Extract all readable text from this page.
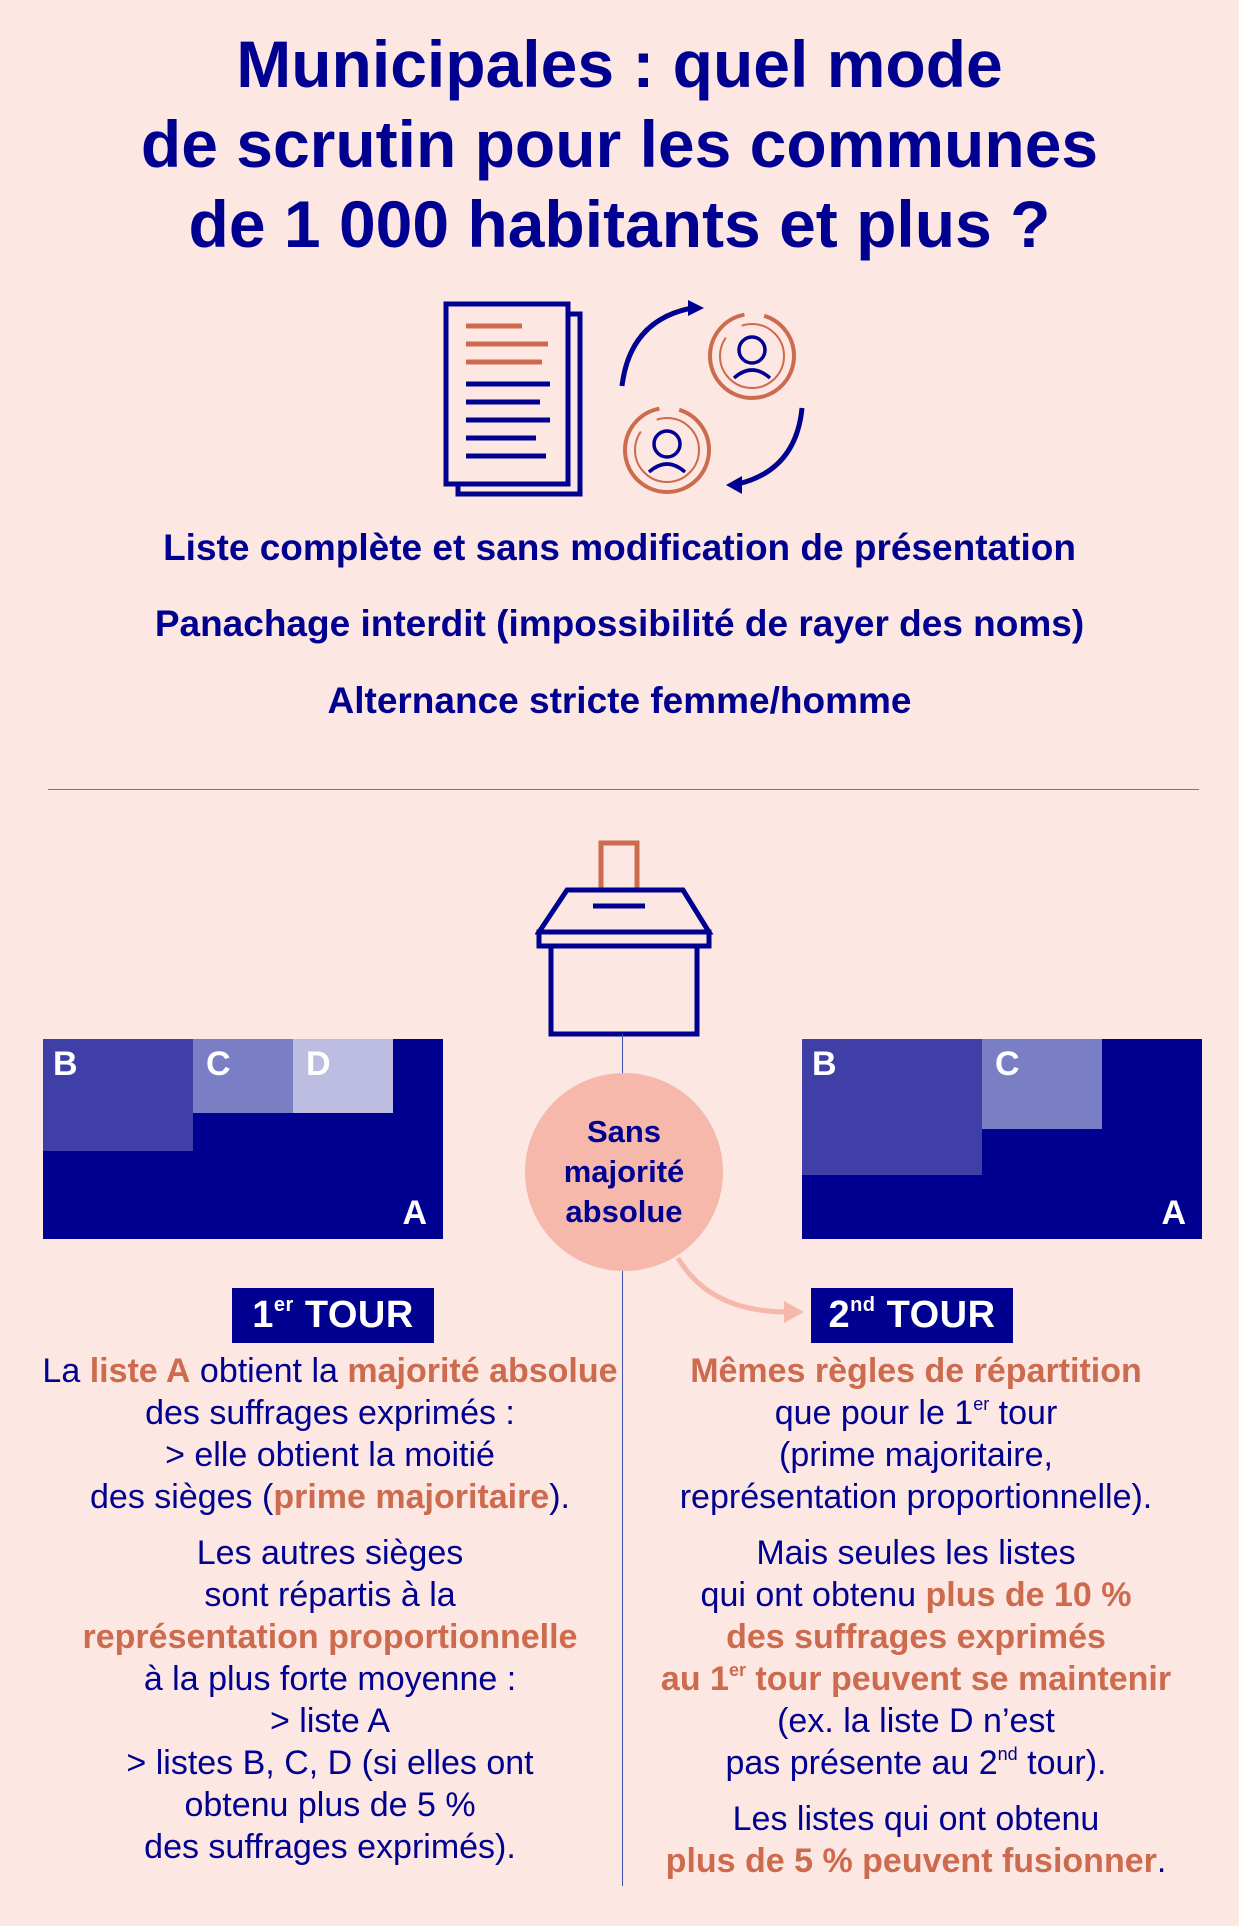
Municipales : quel mode
de scrutin pour les communes
de 1 000 habitants et plus ?
Liste complète et sans modification de présentation
Panachage interdit (impossibilité de rayer des noms)
Alternance stricte femme/homme
B	C D
A
B	C
A
Sans
majorité
absolue
1er TOUR	2nd TOUR

La liste A obtient la majorité absolue des suffrages exprimés :
> elle obtient la moitié
des sièges (prime majoritaire).

Les autres sièges
sont répartis à la
représentation proportionnelle
à la plus forte moyenne :
> liste A
> listes B, C, D (si elles ont
obtenu plus de 5 %
des suffrages exprimés).

Mêmes règles de répartition
que pour le 1er tour
(prime majoritaire,
représentation proportionnelle).

Mais seules les listes
qui ont obtenu plus de 10 %
des suffrages exprimés
au 1er tour peuvent se maintenir
(ex. la liste D n’est
pas présente au 2nd tour).

Les listes qui ont obtenu
plus de 5 % peuvent fusionner.
